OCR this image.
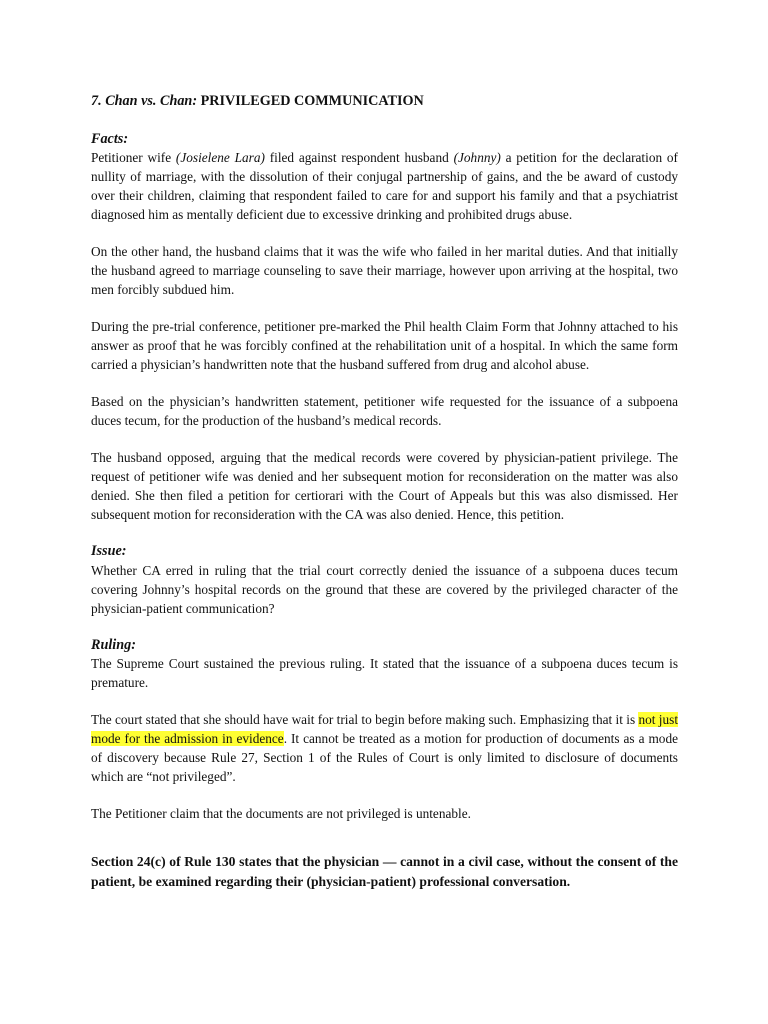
7. Chan vs. Chan: PRIVILEGED COMMUNICATION
Facts:
Petitioner wife (Josielene Lara) filed against respondent husband (Johnny) a petition for the declaration of nullity of marriage, with the dissolution of their conjugal partnership of gains, and the be award of custody over their children, claiming that respondent failed to care for and support his family and that a psychiatrist diagnosed him as mentally deficient due to excessive drinking and prohibited drugs abuse.
On the other hand, the husband claims that it was the wife who failed in her marital duties. And that initially the husband agreed to marriage counseling to save their marriage, however upon arriving at the hospital, two men forcibly subdued him.
During the pre-trial conference, petitioner pre-marked the Phil health Claim Form that Johnny attached to his answer as proof that he was forcibly confined at the rehabilitation unit of a hospital. In which the same form carried a physician’s handwritten note that the husband suffered from drug and alcohol abuse.
Based on the physician’s handwritten statement, petitioner wife requested for the issuance of a subpoena duces tecum, for the production of the husband’s medical records.
The husband opposed, arguing that the medical records were covered by physician-patient privilege. The request of petitioner wife was denied and her subsequent motion for reconsideration on the matter was also denied. She then filed a petition for certiorari with the Court of Appeals but this was also dismissed. Her subsequent motion for reconsideration with the CA was also denied. Hence, this petition.
Issue:
Whether CA erred in ruling that the trial court correctly denied the issuance of a subpoena duces tecum covering Johnny’s hospital records on the ground that these are covered by the privileged character of the physician-patient communication?
Ruling:
The Supreme Court sustained the previous ruling. It stated that the issuance of a subpoena duces tecum is premature.
The court stated that she should have wait for trial to begin before making such. Emphasizing that it is not just mode for the admission in evidence. It cannot be treated as a motion for production of documents as a mode of discovery because Rule 27, Section 1 of the Rules of Court is only limited to disclosure of documents which are “not privileged”.
The Petitioner claim that the documents are not privileged is untenable.
Section 24(c) of Rule 130 states that the physician — cannot in a civil case, without the consent of the patient, be examined regarding their (physician-patient) professional conversation.
